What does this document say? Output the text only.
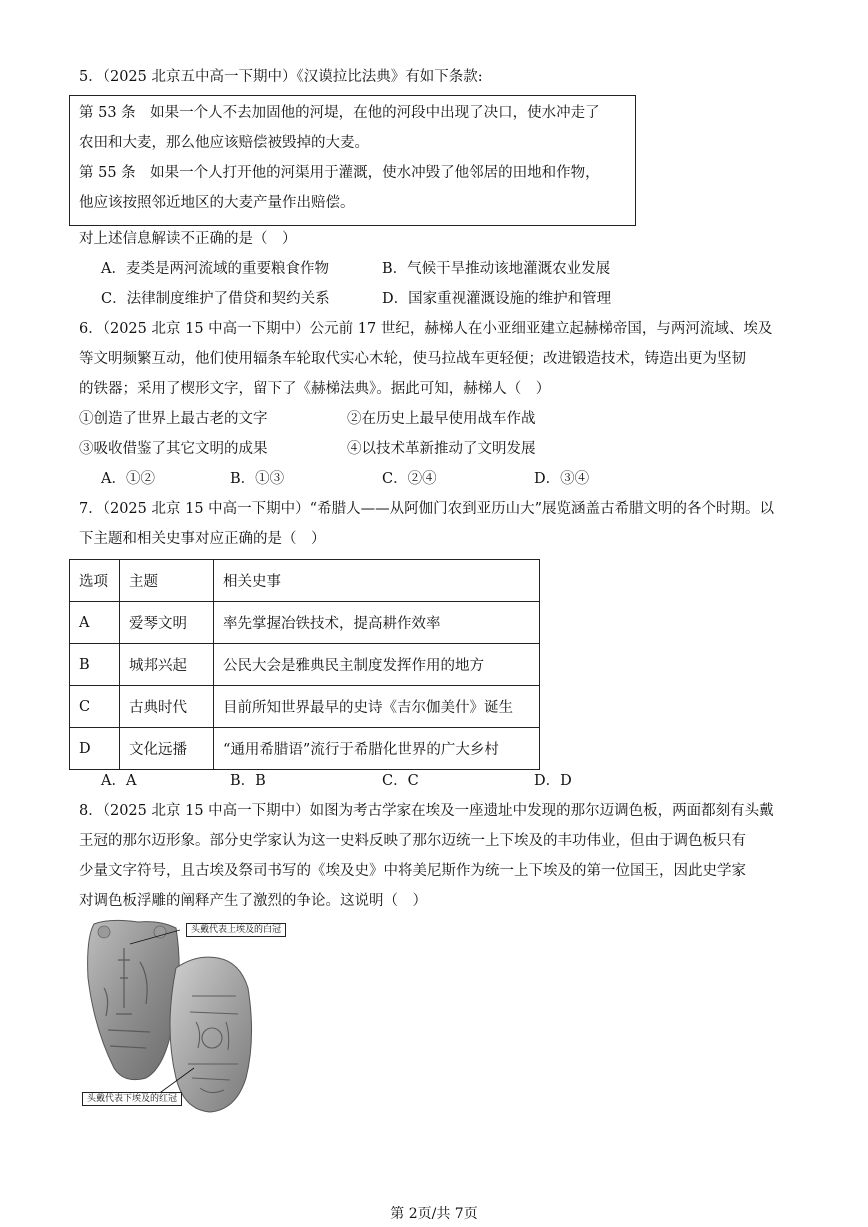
5．（2025 北京五中高一下期中）《汉谟拉比法典》有如下条款:
第 53 条　如果一个人不去加固他的河堤，在他的河段中出现了决口，使水冲走了
农田和大麦，那么他应该赔偿被毁掉的大麦。
第 55 条　如果一个人打开他的河渠用于灌溉，使水冲毁了他邻居的田地和作物，
他应该按照邻近地区的大麦产量作出赔偿。
对上述信息解读不正确的是（　）
A．麦类是两河流域的重要粮食作物	B．气候干旱推动该地灌溉农业发展
C．法律制度维护了借贷和契约关系	D．国家重视灌溉设施的维护和管理
6．（2025 北京 15 中高一下期中）公元前 17 世纪，赫梯人在小亚细亚建立起赫梯帝国，与两河流域、埃及
等文明频繁互动，他们使用辐条车轮取代实心木轮，使马拉战车更轻便；改进锻造技术，铸造出更为坚韧
的铁器；采用了楔形文字，留下了《赫梯法典》。据此可知，赫梯人（　）
①创造了世界上最古老的文字	②在历史上最早使用战车作战
③吸收借鉴了其它文明的成果	④以技术革新推动了文明发展
A．①②	B．①③	C．②④	D．③④
7．（2025 北京 15 中高一下期中）“希腊人——从阿伽门农到亚历山大”展览涵盖古希腊文明的各个时期。以
下主题和相关史事对应正确的是（　）
选项	主题	相关史事
A	爱琴文明	率先掌握冶铁技术，提高耕作效率
B	城邦兴起	公民大会是雅典民主制度发挥作用的地方
C	古典时代	目前所知世界最早的史诗《吉尔伽美什》诞生
D	文化远播	“通用希腊语”流行于希腊化世界的广大乡村
A．A	B．B	C．C	D．D
8．（2025 北京 15 中高一下期中）如图为考古学家在埃及一座遗址中发现的那尔迈调色板，两面都刻有头戴
王冠的那尔迈形象。部分史学家认为这一史料反映了那尔迈统一上下埃及的丰功伟业，但由于调色板只有
少量文字符号，且古埃及祭司书写的《埃及史》中将美尼斯作为统一上下埃及的第一位国王，因此史学家
对调色板浮雕的阐释产生了激烈的争论。这说明（　）
头戴代表上埃及的白冠
头戴代表下埃及的红冠
第 2页/共 7页
